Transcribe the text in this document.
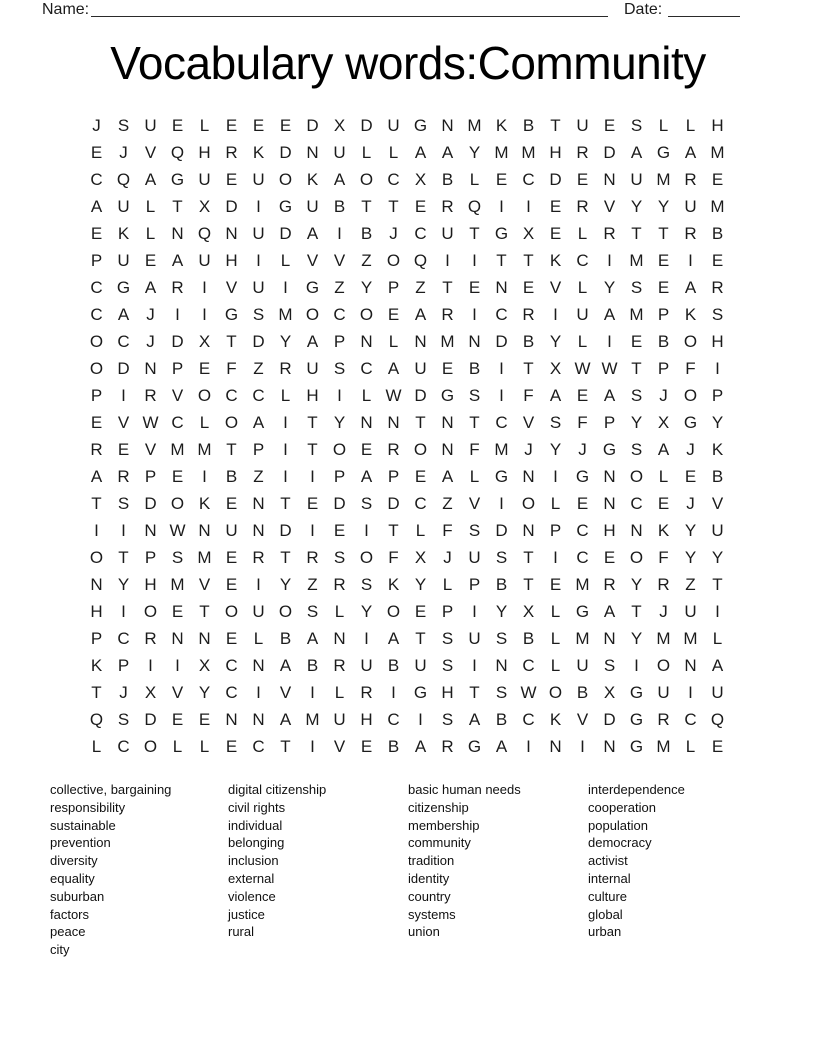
Name:	Date:
Vocabulary words:Community
J	S U E L E E E D X D U G N M K B T U E S L	L H
E	J	V Q H R K D N U L	L A A Y M M H R D A G A M
C Q A G U E U O K A O C X B L E C D E N U M R E
A U L	T X D	I	G U B T T E R Q	I	I	E R V Y Y U M
E K L N Q N U D A	I	B	J C U T G X E L R T T R B
P U E A U H	I	L V V Z O Q	I	I	T T K C	I	M E	I	E
C G A R	I	V U	I	G Z Y P Z T E N E V L Y S E A R
C A	J	I	I	G S M O C O E A R	I	C R	I	U A M P K S
O C J D X T D Y A P N L N M N D B Y L	I	E B O H
O D N P E F Z R U S C A U E B	I	T X W W T P F	I
P	I	R V O C C L H	I	L W D G S	I	F A E A S	J O P
E V W C L O A	I	T Y N N T N T C V S F P Y X G Y
R E V M M T P	I	T O E R O N F M J	Y	J G S A	J	K
A R P E	I	B Z	I	I	P A P E A L G N	I	G N O L E B
T S D O K E N T E D S D C Z V	I	O L E N C E	J	V
I	I	N W N U N D	I	E	I	T	L	F S D N P C H N K Y U
O T P S M E R T R S O F X	J U S T	I	C E O F Y Y
N Y H M V E	I	Y Z R S K Y L P B T E M R Y R Z T
H	I	O E T O U O S L Y O E P	I	Y X L G A T	J U	I
P C R N N E L B A N	I	A T S U S B L M N Y M M L
K P	I	I	X C N A B R U B U S	I	N C L U S	I	O N A
T	J	X V Y C	I	V	I	L R	I	G H T S W O B X G U	I	U
Q S D E E N N A M U H C	I	S A B C K V D G R C Q
L C O L	L E C T	I	V E B A R G A	I	N	I	N G M L E
collective, bargaining
responsibility
sustainable
prevention
diversity
equality
suburban
factors
peace
city
digital citizenship
civil rights
individual
belonging
inclusion
external
violence
justice
rural
basic human needs
citizenship
membership
community
tradition
identity
country
systems
union
interdependence
cooperation
population
democracy
activist
internal
culture
global
urban
